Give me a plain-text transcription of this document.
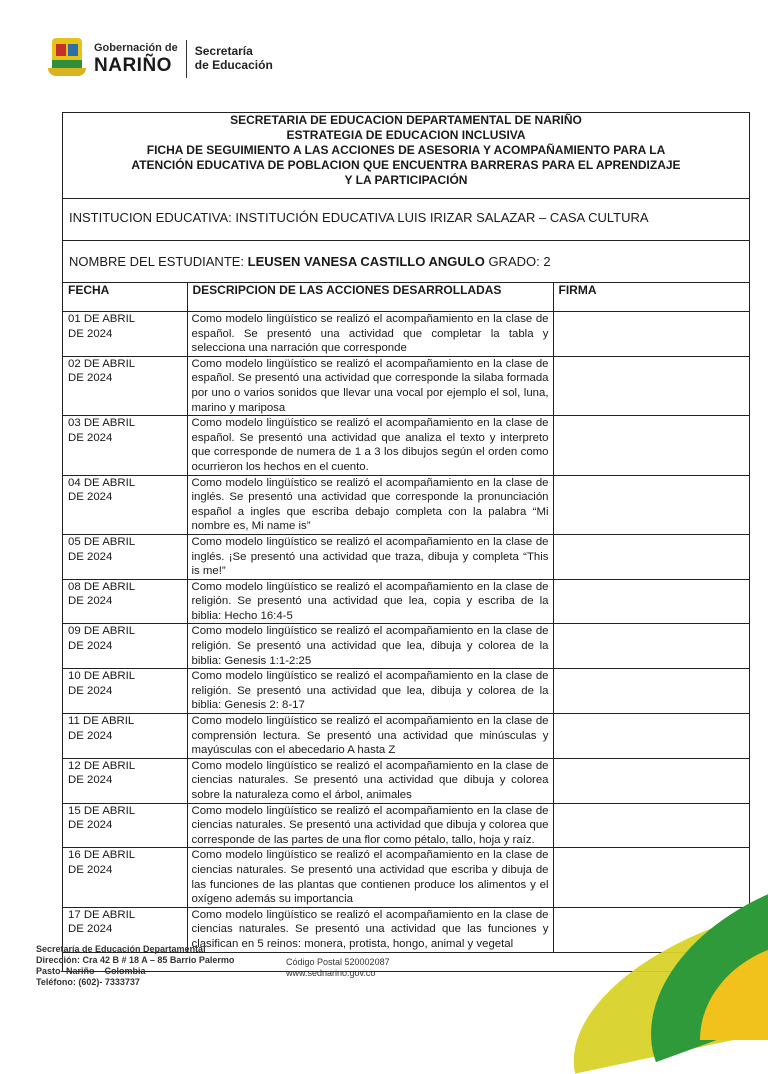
Gobernación de
NARIÑO
Secretaría
de Educación
SECRETARIA DE EDUCACION DEPARTAMENTAL DE NARIÑO
ESTRATEGIA DE EDUCACION INCLUSIVA
FICHA DE SEGUIMIENTO A LAS ACCIONES DE ASESORIA Y ACOMPAÑAMIENTO PARA LA
ATENCIÓN EDUCATIVA DE POBLACION QUE ENCUENTRA BARRERAS PARA EL APRENDIZAJE
Y LA PARTICIPACIÓN
INSTITUCION EDUCATIVA: INSTITUCIÓN EDUCATIVA LUIS IRIZAR SALAZAR – CASA CULTURA
NOMBRE DEL ESTUDIANTE: LEUSEN VANESA CASTILLO ANGULO GRADO: 2
FECHA	DESCRIPCION DE LAS ACCIONES DESARROLLADAS	FIRMA

01 DE ABRIL
DE 2024	Como modelo lingüístico se realizó el acompañamiento en la clase de español. Se presentó una actividad que completar la tabla y selecciona una narración que corresponde	

02 DE ABRIL
DE 2024	Como modelo lingüístico se realizó el acompañamiento en la clase de español. Se presentó una actividad que corresponde la silaba formada por uno o varios sonidos que llevar una vocal por ejemplo el sol, luna, marino y mariposa	

03 DE ABRIL
DE 2024	Como modelo lingüístico se realizó el acompañamiento en la clase de español. Se presentó una actividad que analiza el texto y interpreto que corresponde de numera de 1 a 3 los dibujos según el orden como ocurrieron los hechos en el cuento.	

04 DE ABRIL
DE 2024	Como modelo lingüístico se realizó el acompañamiento en la clase de inglés. Se presentó una actividad que corresponde la pronunciación español a ingles que escriba debajo completa con la palabra “Mi nombre es, Mi name is”	

05 DE ABRIL
DE 2024	Como modelo lingüístico se realizó el acompañamiento en la clase de inglés. ¡Se presentó una actividad que traza, dibuja y completa “This is me!”	

08 DE ABRIL
DE 2024	Como modelo lingüístico se realizó el acompañamiento en la clase de religión. Se presentó una actividad que lea, copia y escriba de la biblia: Hecho 16:4-5	

09 DE ABRIL
DE 2024	Como modelo lingüístico se realizó el acompañamiento en la clase de religión. Se presentó una actividad que lea, dibuja y colorea de la biblia: Genesis 1:1-2:25	

10 DE ABRIL
DE 2024	Como modelo lingüístico se realizó el acompañamiento en la clase de religión. Se presentó una actividad que lea, dibuja y colorea de la biblia: Genesis 2: 8-17	

11 DE ABRIL
DE 2024	Como modelo lingüístico se realizó el acompañamiento en la clase de comprensión lectura. Se presentó una actividad que minúsculas y mayúsculas con el abecedario A hasta Z	

12 DE ABRIL
DE 2024	Como modelo lingüístico se realizó el acompañamiento en la clase de ciencias naturales. Se presentó una actividad que dibuja y colorea sobre la naturaleza como el árbol, animales	

15 DE ABRIL
DE 2024	Como modelo lingüístico se realizó el acompañamiento en la clase de ciencias naturales. Se presentó una actividad que dibuja y colorea que corresponde de las partes de una flor como pétalo, tallo, hoja y raíz.	

16 DE ABRIL
DE 2024	Como modelo lingüístico se realizó el acompañamiento en la clase de ciencias naturales. Se presentó una actividad que escriba y dibuja de las funciones de las plantas que contienen produce los alimentos y el oxígeno además su importancia	

17 DE ABRIL
DE 2024	Como modelo lingüístico se realizó el acompañamiento en la clase de ciencias naturales. Se presentó una actividad que las funciones y clasifican en 5 reinos: monera, protista, hongo, animal y vegetal	
Secretaría de Educación Departamental
Dirección: Cra 42 B # 18 A – 85 Barrio Palermo
Pasto- Nariño – Colombia
Teléfono: (602)- 7333737
Código Postal 520002087
www.sednarino.gov.co
